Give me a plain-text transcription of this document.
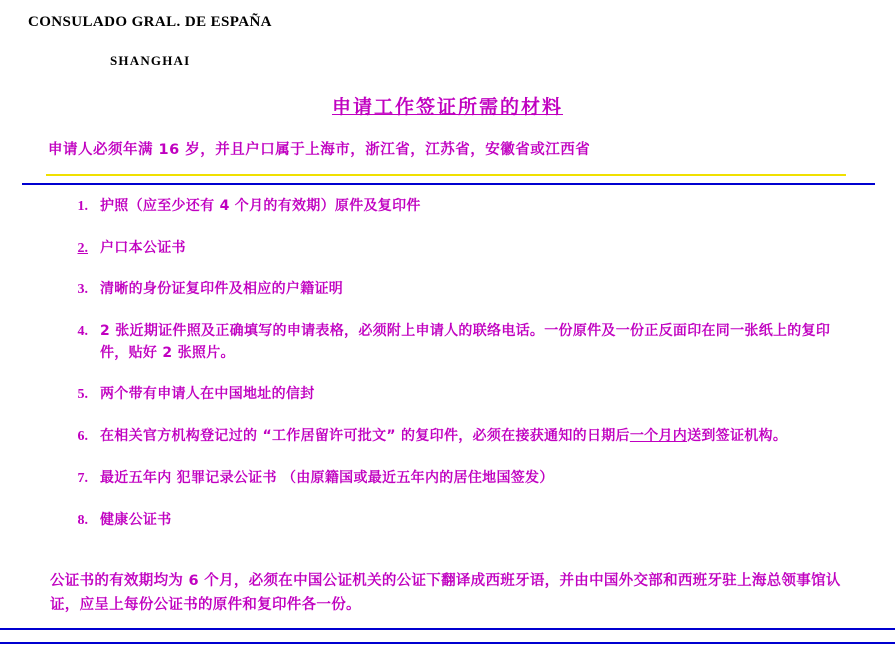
CONSULADO GRAL. DE ESPAÑA
SHANGHAI
申请工作签证所需的材料
申请人必须年满 16 岁，并且户口属于上海市，浙江省，江苏省，安徽省或江西省
1. 护照（应至少还有 4 个月的有效期）原件及复印件
2. 户口本公证书
3. 清晰的身份证复印件及相应的户籍证明
4. 2 张近期证件照及正确填写的申请表格，必须附上申请人的联络电话。一份原件及一份正反面印在同一张纸上的复印件，贴好 2 张照片。
5. 两个带有申请人在中国地址的信封
6. 在相关官方机构登记过的 “工作居留许可批文” 的复印件，必须在接获通知的日期后一个月内送到签证机构。
7. 最近五年内 犯罪记录公证书 （由原籍国或最近五年内的居住地国签发）
8. 健康公证书
公证书的有效期均为 6 个月，必须在中国公证机关的公证下翻译成西班牙语，并由中国外交部和西班牙驻上海总领事馆认证，应呈上每份公证书的原件和复印件各一份。
